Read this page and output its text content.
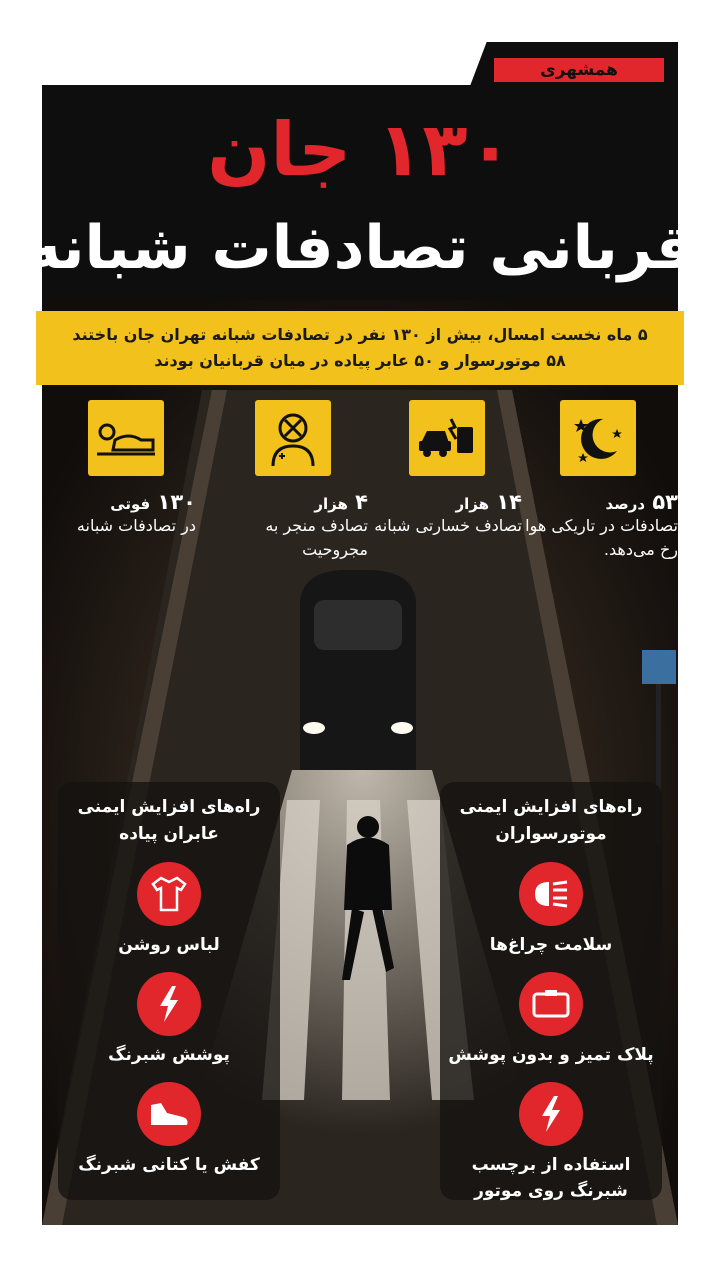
همشهری
۱۳۰ جان
قربانی تصادفات شبانه
۵ ماه نخست امسال، بیش از ۱۳۰ نفر در تصادفات شبانه تهران جان باختند
۵۸ موتورسوار و ۵۰ عابر پیاده در میان قربانیان بودند
۵۳ درصد
تصادفات در تاریکی هوا رخ می‌دهد.
۱۴ هزار
تصادف خسارتی شبانه
۴ هزار
تصادف منجر به مجروحیت
۱۳۰ فوتی
در تصادفات شبانه
راه‌های افزایش ایمنی موتورسواران
سلامت چراغ‌ها
پلاک تمیز و بدون پوشش
استفاده از برچسب شبرنگ روی موتور
راه‌های افزایش ایمنی عابران پیاده
لباس روشن
پوشش شبرنگ
کفش یا کتانی شبرنگ
